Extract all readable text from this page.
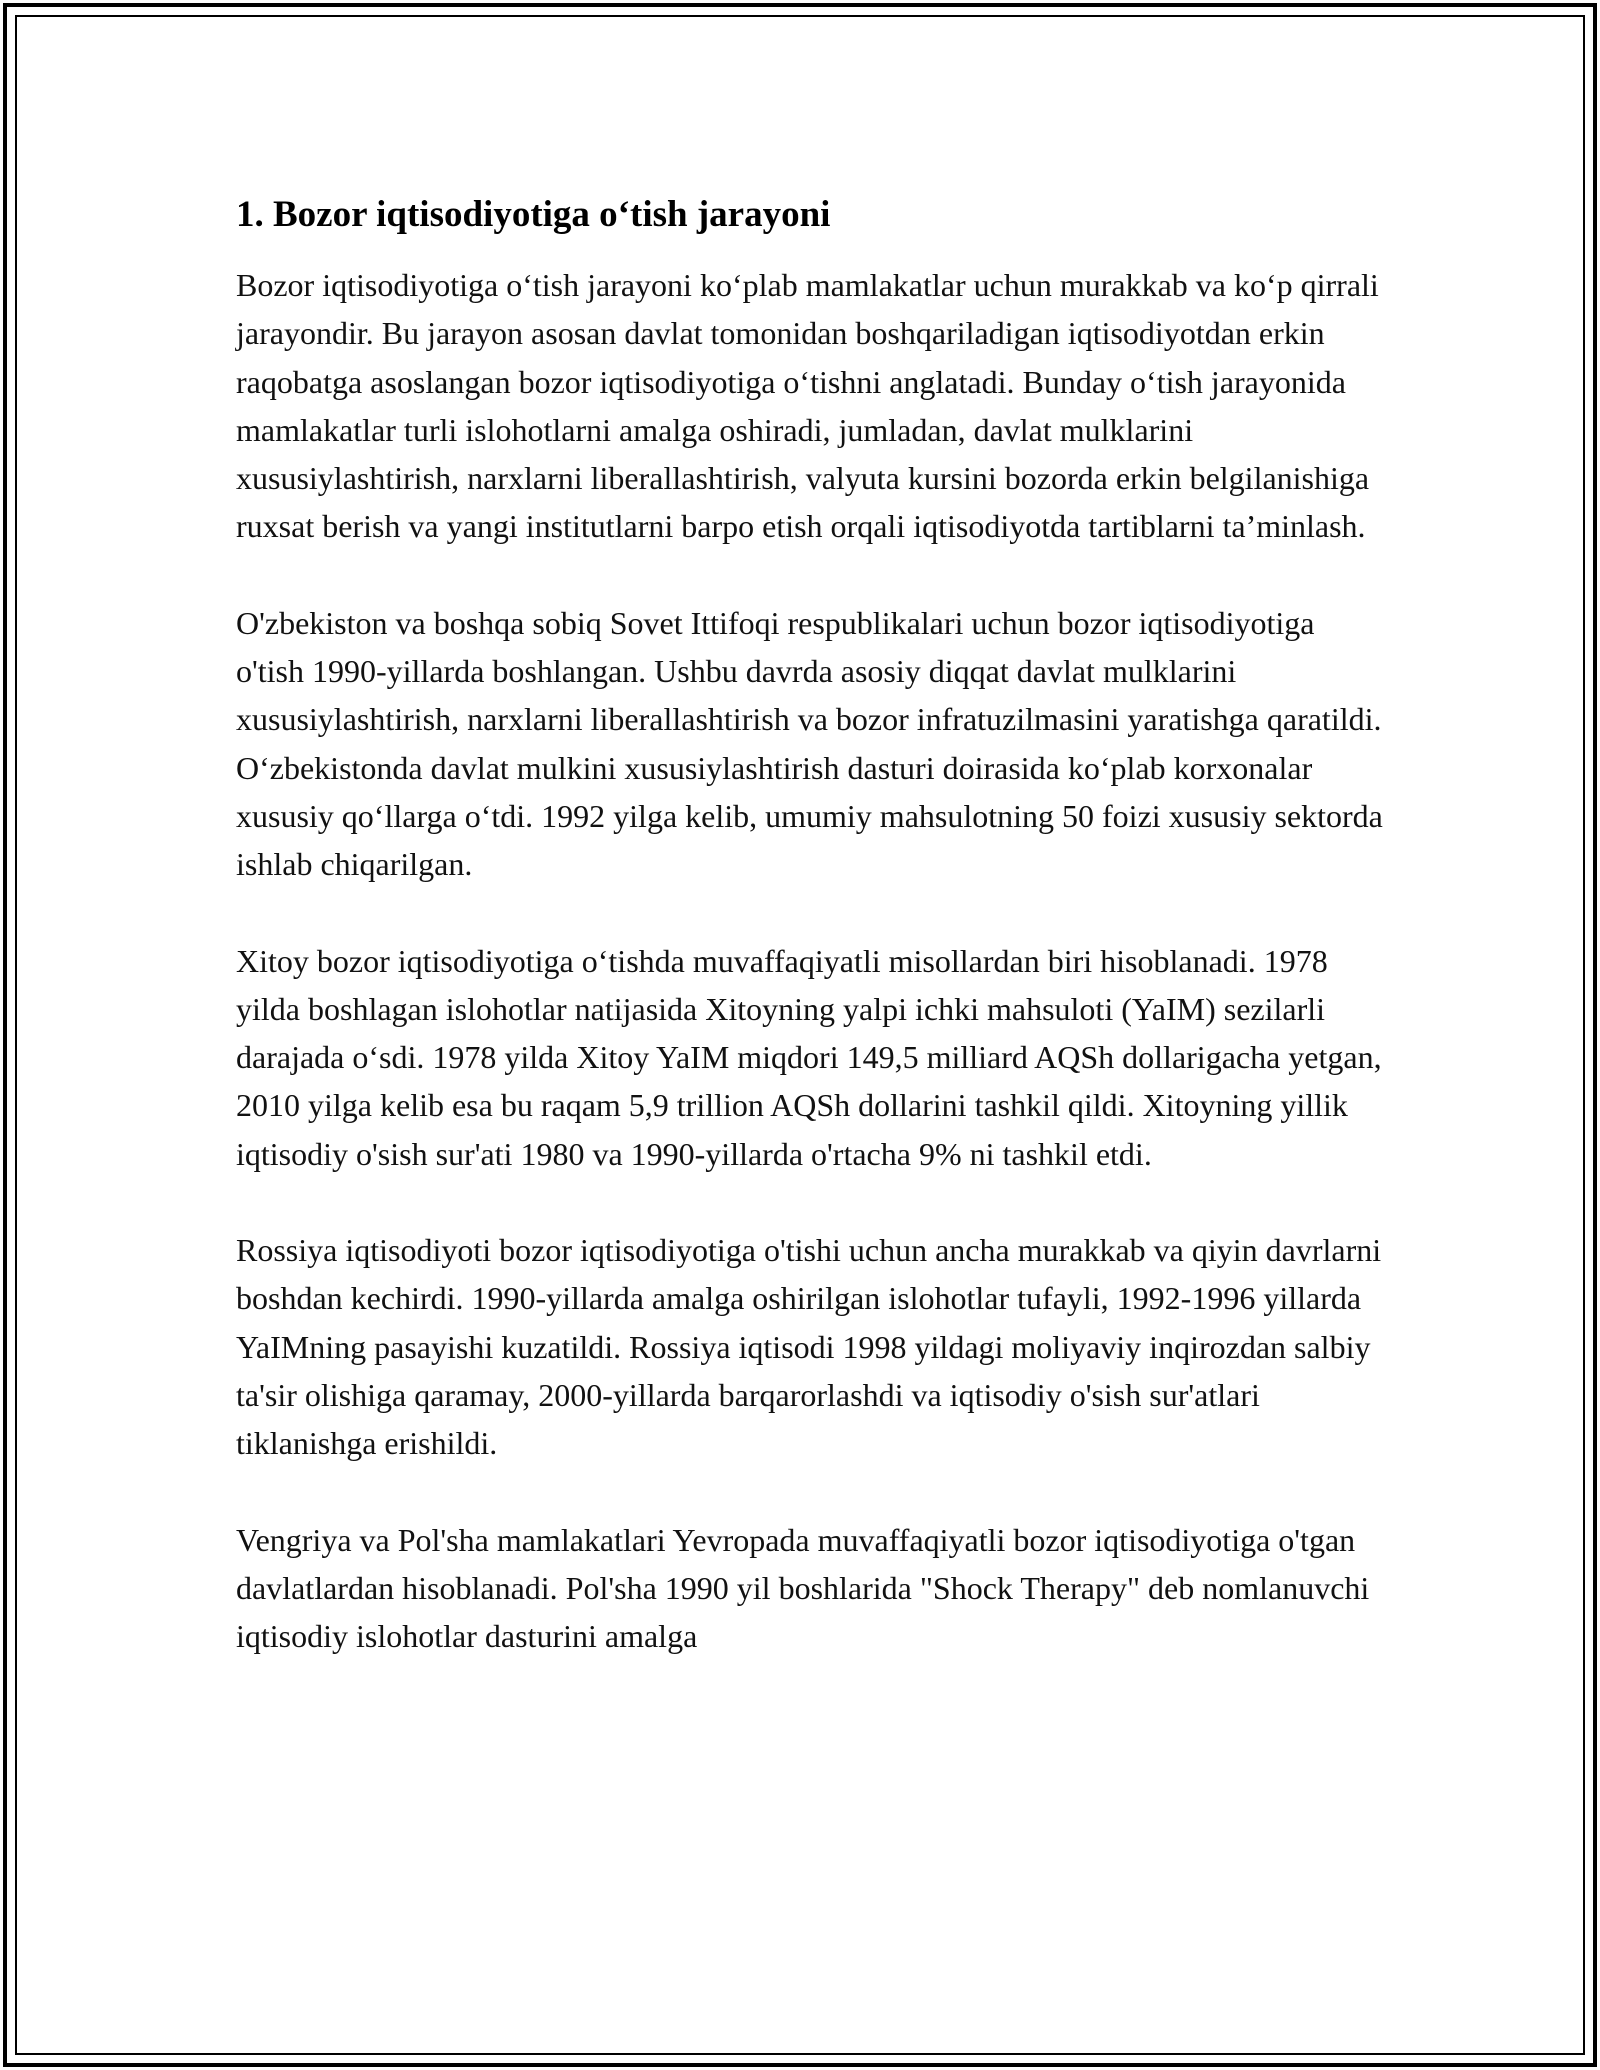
1. Bozor iqtisodiyotiga o‘tish jarayoni

Bozor iqtisodiyotiga o‘tish jarayoni ko‘plab mamlakatlar uchun murakkab va ko‘p qirrali jarayondir. Bu jarayon asosan davlat tomonidan boshqariladigan iqtisodiyotdan erkin raqobatga asoslangan bozor iqtisodiyotiga o‘tishni anglatadi. Bunday o‘tish jarayonida mamlakatlar turli islohotlarni amalga oshiradi, jumladan, davlat mulklarini xususiylashtirish, narxlarni liberallashtirish, valyuta kursini bozorda erkin belgilanishiga ruxsat berish va yangi institutlarni barpo etish orqali iqtisodiyotda tartiblarni ta’minlash.

O'zbekiston va boshqa sobiq Sovet Ittifoqi respublikalari uchun bozor iqtisodiyotiga o'tish 1990-yillarda boshlangan. Ushbu davrda asosiy diqqat davlat mulklarini xususiylashtirish, narxlarni liberallashtirish va bozor infratuzilmasini yaratishga qaratildi. O‘zbekistonda davlat mulkini xususiylashtirish dasturi doirasida ko‘plab korxonalar xususiy qo‘llarga o‘tdi. 1992 yilga kelib, umumiy mahsulotning 50 foizi xususiy sektorda ishlab chiqarilgan.

Xitoy bozor iqtisodiyotiga o‘tishda muvaffaqiyatli misollardan biri hisoblanadi. 1978 yilda boshlagan islohotlar natijasida Xitoyning yalpi ichki mahsuloti (YaIM) sezilarli darajada o‘sdi. 1978 yilda Xitoy YaIM miqdori 149,5 milliard AQSh dollarigacha yetgan, 2010 yilga kelib esa bu raqam 5,9 trillion AQSh dollarini tashkil qildi. Xitoyning yillik iqtisodiy o'sish sur'ati 1980 va 1990-yillarda o'rtacha 9% ni tashkil etdi.

Rossiya iqtisodiyoti bozor iqtisodiyotiga o'tishi uchun ancha murakkab va qiyin davrlarni boshdan kechirdi. 1990-yillarda amalga oshirilgan islohotlar tufayli, 1992-1996 yillarda YaIMning pasayishi kuzatildi. Rossiya iqtisodi 1998 yildagi moliyaviy inqirozdan salbiy ta'sir olishiga qaramay, 2000-yillarda barqarorlashdi va iqtisodiy o'sish sur'atlari tiklanishga erishildi.

Vengriya va Pol'sha mamlakatlari Yevropada muvaffaqiyatli bozor iqtisodiyotiga o'tgan davlatlardan hisoblanadi. Pol'sha 1990 yil boshlarida "Shock Therapy" deb nomlanuvchi iqtisodiy islohotlar dasturini amalga
